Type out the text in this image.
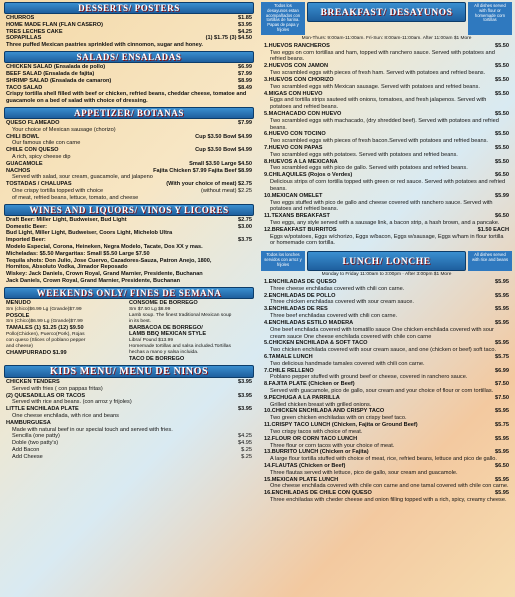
DESSERTS/ POSTERS
CHURROS	$1.85
HOME MADE FLAN (FLAN CASERO)	$3.95
TRES LECHES CAKE	$4.25
SOPAPILLAS	(1) $1.75 (3) $4.50
Three puffed Mexican pastries sprinkled with cinnomon, sugar and honey.
SALADS/ ENSALADAS
CHICKEN SALAD (Ensalada de pollo)	$6.99
BEEF SALAD (Ensalada de fajita)	$7.99
SHRIMP SALAD (Ensalada de camaron)	$8.99
TACO SALAD	$8.49
Crispy tortilla shell filled with beef or chicken, refried beans, cheddar cheese, tomatoe and guacamole on a bed of salad with choice of dressing.
APPETIZER/ BOTANAS
QUESO FLAMEADO	$7.99
Your choice of Mexican sausage (chorizo)
CHILI BOWL	Cup $3.50 Bowl $4.99
Our famous chile con carne
CHILE CON QUESO	Cup $3.50 Bowl $4.99
A rich, spicy cheese dip
GUACAMOLE	Small $3.50 Large $4.50
NACHOS	Fajita Chicken $7.99 Fajita Beef $8.99
Served with salad, sour cream, guacamole, and jalapeno
TOSTADAS / CHALUPAS	(With your choice of meat) $2.75
One crispy tortilla topped with choice	(without meat) $2.25
of meat, refried beans, lettuce, tomato, and cheese
WINES AND LIQUORS/ VINOS Y LICORES
Draft Beer: Miller Light, Budweiser, Bud Light	$2.75
Domestic Beer:	$3.00
Bud Light, Miller Light, Budweiser, Coors Light, Michelob Ultra
Imported Beer:	$3.75
Modelo Especial, Corona, Heineken, Negra Modelo, Tacate, Dos XX y mas.
Micheladas: $5.50 Margaritas: Small $5.50 Large $7.50
Tequila shots: Don Julio, Jose Cuervo, Cazadores-Sauza, Patron Anejo, 1800,
Hornitos, Absoluto Vodka, Jimador Reposado
Wiskey: Jack Daniels, Crown Royal, Grand Marnier, Presidente, Buchanan
Jack Daniels, Crown Royal, Grand Marnier, Presidente, Buchanan
WEEKENDS ONLY/ FINES DE SEMANA
MENUDO
Sm (chico)$6.99 Lg (Grande)$7.99
POSOLE
Sm (Chico)$6.99 Lg (Grande)$7.99
TAMALES (1) $1.25 (12) $9.50
Pollo(Chicken), Puerco(Pork), Rojas
con queso (Slices of poblano pepper
and cheese)
CHAMPURRADO $1.99
CONSOME DE BORREGO
Sm $7.50 Lg $8.99
Lamb soup. The finest traditional Mexican soup
in its best.
BARBACOA DE BORREGO/
LAMB BBQ MEXICAN STYLE
Libra/ Pound $13.99
Homemade tortillas and salsa included.Tortillas
hechas a mano y salsa incluida.
TACO DE BORREGO
KIDS MENU/ MENU DE NINOS
CHICKEN TENDERS	$3.95
Served with fries ( con pappas fritas)
(2) QUESADILLAS OR TACOS	$3.95
Served with rice and beans. (con arroz y frijoles)
LITTLE ENCHILADA PLATE	$3.95
One cheese enchilada, with rice and beans
HAMBURGUESA
Made with natural beef in our special touch and served with fries.
Sencilla (one patty)	$4.25
Doble (two patty's)	$4.95
Add Bacon	$.25
Add Cheese	$.25
Todos los desayunos estan acompañados con tortillas de harina. Papas de papa y frijoles
BREAKFAST/ DESAYUNOS
All dishes served with flour or homemade corn tortillas
Mon-Thurs: 9:00am-11:00am. Fri-Sun: 8:00am-11:00am. After 11:00am $1 More
1.HUEVOS RANCHEROS	$5.50
Two eggs on corn tortillas and ham, topped with ranchero sauce. Served with potatoes and refried beans.
2.HUEVOS CON JAMON	$5.50
Two scrambled eggs with pieces of fresh ham. Served with potatoes and refried beans.
3.HUEVOS CON CHORIZO	$5.50
Two scrambled eggs with Mexican sausage. Served with potatoes and refried beans.
4.MIGAS CON HUEVO	$5.50
Eggs and tortilla strips sauteed with onions, tomatoes, and fresh jalapenos. Served with potatoes and refried beans.
5.MACHACADO CON HUEVO	$5.50
Two scrambled eggs with machacado, (dry shredded beef). Served with potatoes and refried beans.
6.HUEVO CON TOCINO	$5.50
Two scrambled eggs with pieces of fresh bacon.Served with potatoes and refried beans.
7.HUEVO CON PAPAS	$5.50
Two scrambled eggs with potatoes. Served with potatoes and refried beans.
8.HUEVOS A LA MEXICANA	$5.50
Two scrambled eggs with pico de gallo. Served with potatoes and refried beans.
9.CHILAQUILES (Rojos o Verdes)	$6.50
Delicious strips of corn tortilla topped with green or red sauce. Served with potatoes and refried beans.
10.MEXICAN OMELET	$5.99
Two eggs stuffed with pico de gallo and cheese covered with ranchero sauce. Served with potatoes and refried beans.
11.TEXANS BREAKFAST	$6.50
Two eggs, any style served with a sausage link, a bacon strip, a hash brown, and a pancake.
12.BREAKFAST BURRITOS	$1.50 EACH
Eggs w/potatoes, Eggs w/chorizo, Eggs w/bacon, Eggs w/sausage, Eggs w/ham in flour tortilla or homemade corn tortilla.
Todos los lonches servidos con arroz y frijoles	LUNCH/ LONCHE
All dishes served with rice and beans
Monday to Friday 11:00am to 3:00pm · After 3:00pm $1 More
1.ENCHILADAS DE QUESO	$5.95
Three cheese enchiladas covered with chili con carne.
2.ENCHILADAS DE POLLO	$5.95
Three chicken enchiladas covered with sour cream sauce.
3.ENCHILADAS DE RES	$5.95
Three beef enchiladas covered with chili con carne.
4.ENCHILADAS ESTILO MADERA	$5.95
One beef enchilada covered with tomatillo sauce One chicken enchilada covered with sour cream sauce One cheese enchilada covered with chile con carne
5.CHICKEN ENCHILADA & SOFT TACO	$5.95
Two chicken enchilada covered with sour cream sauce, and one (chicken or beef) soft taco.
6.TAMALE LUNCH	$5.75
Two delicious handmade tamales covered with chili con carne.
7.CHILE RELLENO	$6.99
Poblano pepper stuffed with ground beef or cheese, covered in ranchero sauce.
8.FAJITA PLATE (Chicken or Beef)	$7.50
Served with guacamole, pico de gallo, sour cream and your choice of flour or corn tortillas.
9.PECHUGA A LA PARRILLA	$7.50
Grilled chicken breast with grilled onions.
10.CHICKEN ENCHILADA AND CRISPY TACO	$5.95
Two green chicken enchiladas with on crispy beef taco.
11.CRISPY TACO LUNCH (Chicken, Fajita or Ground Beef)	$5.75
Two crispy tacos with choice of meat.
12.FLOUR OR CORN TACO LUNCH	$5.95
Three flour or corn tacos with your choice of meat.
13.BURRITO LUNCH (Chicken or Fajita)	$5.95
A large flour tortilla stuffed with choice of meat, rice, refried beans, lettuce and pico de gallo.
14.FLAUTAS (Chicken or Beef)	$6.50
Three flautas served with lettuce, pico de gallo, sour cream and guacamole.
15.MEXICAN PLATE LUNCH	$5.95
One cheese enchilada covered with chile con carne and one tamal covered with chile con carne.
16.ENCHILADAS DE CHILE CON QUESO	$5.95
Three enchiladas with cheder cheese and onion filling topped with a rich, spicy, creamy cheese.
